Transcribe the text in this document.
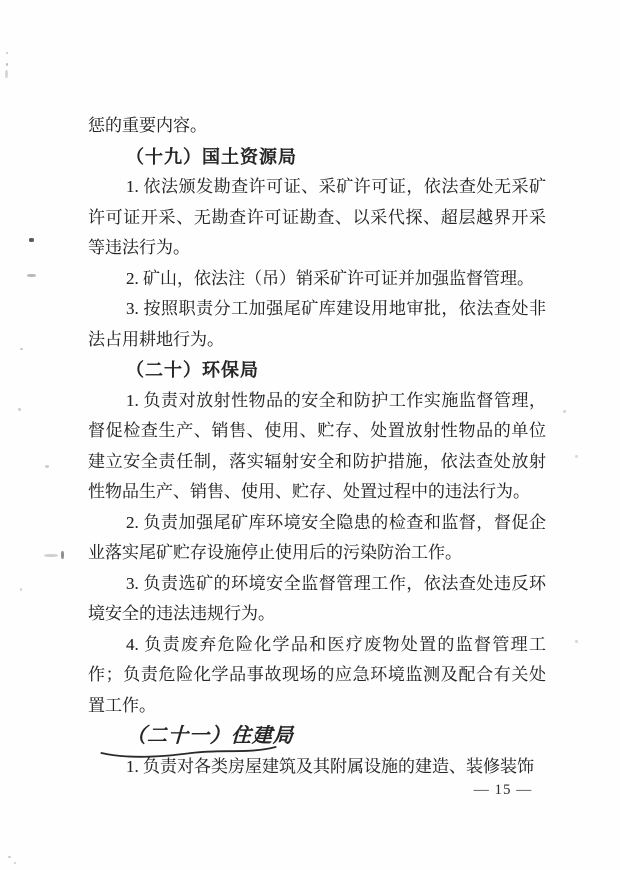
惩的重要内容。

（十九）国土资源局

1. 依法颁发勘查许可证、采矿许可证，依法查处无采矿许可证开采、无勘查许可证勘查、以采代探、超层越界开采等违法行为。

2. 矿山，依法注（吊）销采矿许可证并加强监督管理。

3. 按照职责分工加强尾矿库建设用地审批，依法查处非法占用耕地行为。

（二十）环保局

1. 负责对放射性物品的安全和防护工作实施监督管理，督促检查生产、销售、使用、贮存、处置放射性物品的单位建立安全责任制，落实辐射安全和防护措施，依法查处放射性物品生产、销售、使用、贮存、处置过程中的违法行为。

2. 负责加强尾矿库环境安全隐患的检查和监督，督促企业落实尾矿贮存设施停止使用后的污染防治工作。

3. 负责选矿的环境安全监督管理工作，依法查处违反环境安全的违法违规行为。

4. 负责废弃危险化学品和医疗废物处置的监督管理工作；负责危险化学品事故现场的应急环境监测及配合有关处置工作。

（二十一）住建局

1. 负责对各类房屋建筑及其附属设施的建造、装修装饰

— 15 —
